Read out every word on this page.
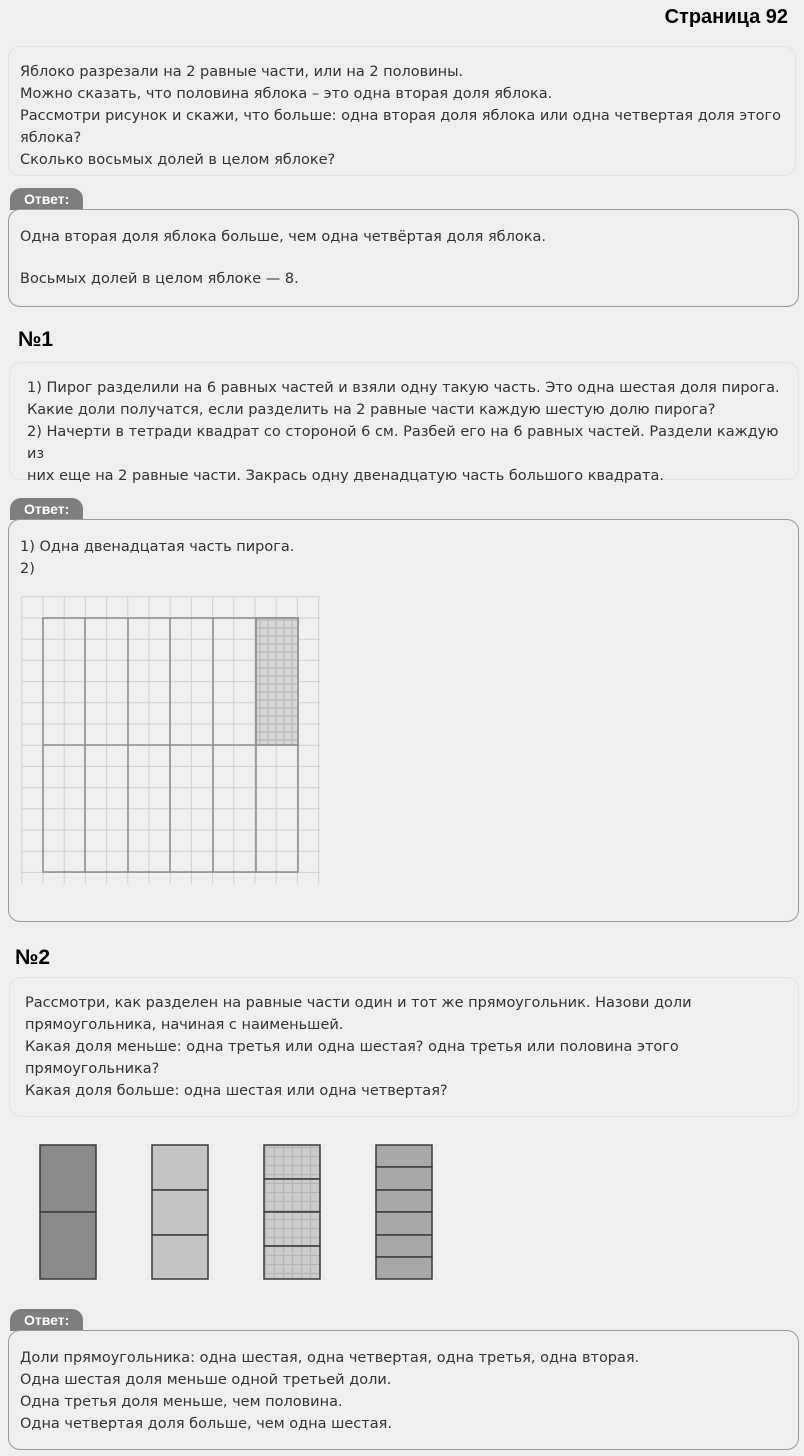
Страница 92

Яблоко разрезали на 2 равные части, или на 2 половины.

Можно сказать, что половина яблока – это одна вторая доля яблока.

Рассмотри рисунок и скажи, что больше: одна вторая доля яблока или одна четвертая доля этого

яблока?

Сколько восьмых долей в целом яблоке?

Ответ:

Одна вторая доля яблока больше, чем одна четвёртая доля яблока.

Восьмых долей в целом яблоке — 8.

№1

1) Пирог разделили на 6 равных частей и взяли одну такую часть. Это одна шестая доля пирога.

Какие доли получатся, если разделить на 2 равные части каждую шестую долю пирога?

2) Начерти в тетради квадрат со стороной 6 см. Разбей его на 6 равных частей. Раздели каждую из

них еще на 2 равные части. Закрась одну двенадцатую часть большого квадрата.

Ответ:

1) Одна двенадцатая часть пирога.

2)

№2

Рассмотри, как разделен на равные части один и тот же прямоугольник. Назови доли

прямоугольника, начиная с наименьшей.

Какая доля меньше: одна третья или одна шестая? одна третья или половина этого

прямоугольника?

Какая доля больше: одна шестая или одна четвертая?

Ответ:

Доли прямоугольника: одна шестая, одна четвертая, одна третья, одна вторая.

Одна шестая доля меньше одной третьей доли.

Одна третья доля меньше, чем половина.

Одна четвертая доля больше, чем одна шестая.
